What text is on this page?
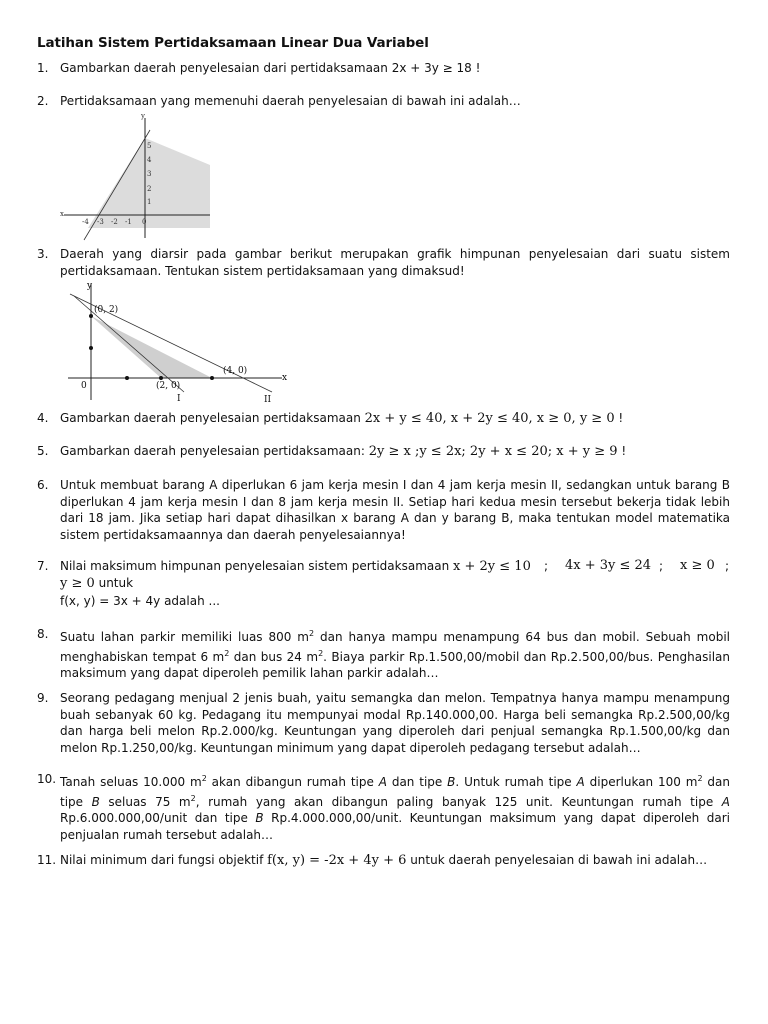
Latihan Sistem Pertidaksamaan Linear Dua Variabel
1. Gambarkan daerah penyelesaian dari pertidaksamaan 2x + 3y ≥ 18 !
2. Pertidaksamaan yang memenuhi daerah penyelesaian di bawah ini adalah…
x
y
-4 -3 -2 -1 0
1
2
3
4
5
3. Daerah yang diarsir pada gambar berikut merupakan grafik himpunan penyelesaian dari suatu sistem pertidaksamaan. Tentukan sistem pertidaksamaan yang dimaksud!
y
x
0
(0, 2)
(4, 0)
(2, 0)
I	II
4. Gambarkan daerah penyelesaian pertidaksamaan 2x + y ≤ 40, x + 2y ≤ 40, x ≥ 0, y ≥ 0 !
5. Gambarkan daerah penyelesaian pertidaksamaan: 2y ≥ x ;y ≤ 2x; 2y + x ≤ 20; x + y ≥ 9 !
6. Untuk membuat barang A diperlukan 6 jam kerja mesin I dan 4 jam kerja mesin II, sedangkan untuk barang B diperlukan 4 jam kerja mesin I dan 8 jam kerja mesin II. Setiap hari kedua mesin tersebut bekerja tidak lebih dari 18 jam. Jika setiap hari dapat dihasilkan x barang A dan y barang B, maka tentukan model matematika sistem pertidaksamaannya dan daerah penyelesaiannya!
7. Nilai maksimum himpunan penyelesaian sistem pertidaksamaan x + 2y ≤ 10 ; 4x + 3y ≤ 24 ; x ≥ 0 ;
y ≥ 0 untuk
f(x, y) = 3x + 4y adalah ...
8. Suatu lahan parkir memiliki luas 800 $m^2$ dan hanya mampu menampung 64 bus dan mobil. Sebuah mobil menghabiskan tempat 6 $m^2$ dan bus 24 $m^2$. Biaya parkir Rp.1.500,00/mobil dan Rp.2.500,00/bus. Penghasilan maksimum yang dapat diperoleh pemilik lahan parkir adalah…
9. Seorang pedagang menjual 2 jenis buah, yaitu semangka dan melon. Tempatnya hanya mampu menampung buah sebanyak 60 kg. Pedagang itu mempunyai modal Rp.140.000,00. Harga beli semangka Rp.2.500,00/kg dan harga beli melon Rp.2.000/kg. Keuntungan yang diperoleh dari penjual semangka Rp.1.500,00/kg dan melon Rp.1.250,00/kg. Keuntungan minimum yang dapat diperoleh pedagang tersebut adalah…
10. Tanah seluas 10.000 $m^2$ akan dibangun rumah tipe A dan tipe B. Untuk rumah tipe A diperlukan 100 $m^2$ dan tipe B seluas 75 $m^2$, rumah yang akan dibangun paling banyak 125 unit. Keuntungan rumah tipe A Rp.6.000.000,00/unit dan tipe B Rp.4.000.000,00/unit. Keuntungan maksimum yang dapat diperoleh dari penjualan rumah tersebut adalah…
11. Nilai minimum dari fungsi objektif f(x, y) = -2x + 4y + 6 untuk daerah penyelesaian di bawah ini adalah…
